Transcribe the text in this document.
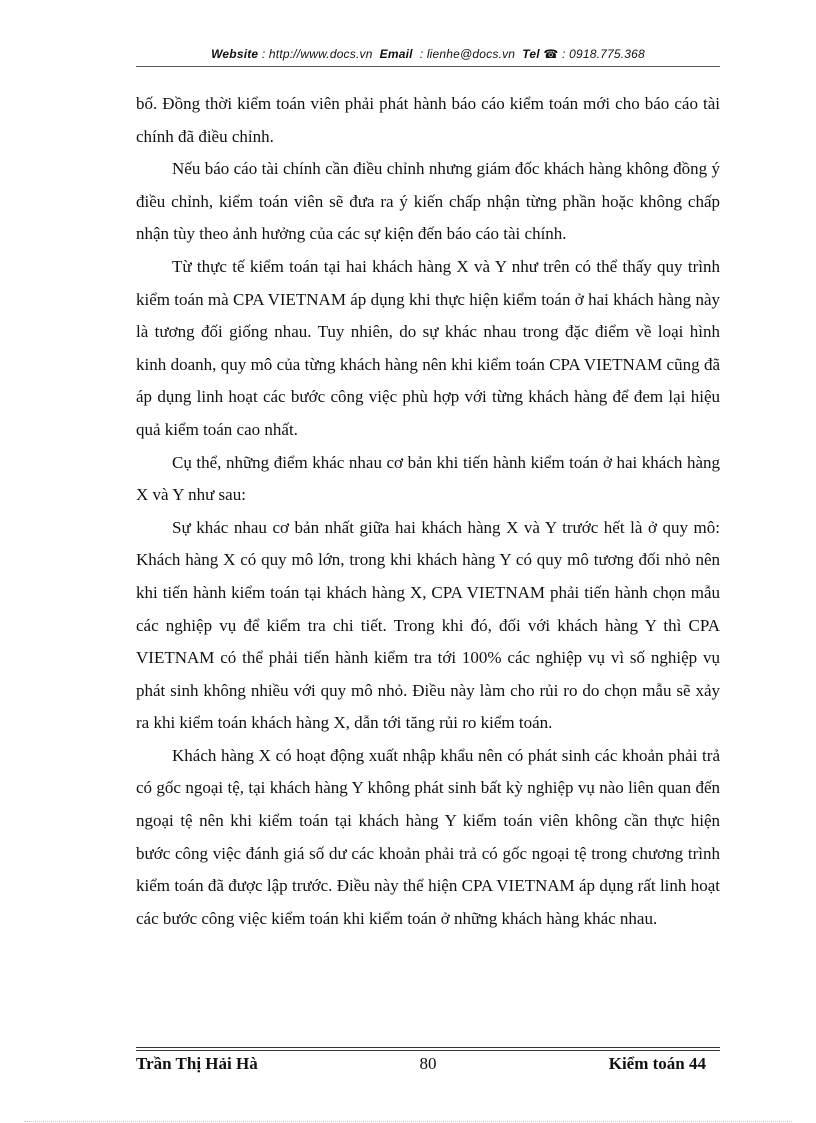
Website : http://www.docs.vn Email : lienhe@docs.vn Tel ☎ : 0918.775.368

bố. Đồng thời kiểm toán viên phải phát hành báo cáo kiểm toán mới cho báo cáo tài chính đã điều chỉnh.

Nếu báo cáo tài chính cần điều chỉnh nhưng giám đốc khách hàng không đồng ý điều chỉnh, kiểm toán viên sẽ đưa ra ý kiến chấp nhận từng phần hoặc không chấp nhận tùy theo ảnh hưởng của các sự kiện đến báo cáo tài chính.

Từ thực tế kiểm toán tại hai khách hàng X và Y như trên có thể thấy quy trình kiểm toán mà CPA VIETNAM áp dụng khi thực hiện kiểm toán ở hai khách hàng này là tương đối giống nhau. Tuy nhiên, do sự khác nhau trong đặc điểm về loại hình kinh doanh, quy mô của từng khách hàng nên khi kiểm toán CPA VIETNAM cũng đã áp dụng linh hoạt các bước công việc phù hợp với từng khách hàng để đem lại hiệu quả kiểm toán cao nhất.

Cụ thể, những điểm khác nhau cơ bản khi tiến hành kiểm toán ở hai khách hàng X và Y như sau:

Sự khác nhau cơ bản nhất giữa hai khách hàng X và Y trước hết là ở quy mô: Khách hàng X có quy mô lớn, trong khi khách hàng Y có quy mô tương đối nhỏ nên khi tiến hành kiểm toán tại khách hàng X, CPA VIETNAM phải tiến hành chọn mẫu các nghiệp vụ để kiểm tra chi tiết. Trong khi đó, đối với khách hàng Y thì CPA VIETNAM có thể phải tiến hành kiểm tra tới 100% các nghiệp vụ vì số nghiệp vụ phát sinh không nhiều với quy mô nhỏ. Điều này làm cho rủi ro do chọn mẫu sẽ xảy ra khi kiểm toán khách hàng X, dẫn tới tăng rủi ro kiểm toán.

Khách hàng X có hoạt động xuất nhập khẩu nên có phát sinh các khoản phải trả có gốc ngoại tệ, tại khách hàng Y không phát sinh bất kỳ nghiệp vụ nào liên quan đến ngoại tệ nên khi kiểm toán tại khách hàng Y kiểm toán viên không cần thực hiện bước công việc đánh giá số dư các khoản phải trả có gốc ngoại tệ trong chương trình kiểm toán đã được lập trước. Điều này thể hiện CPA VIETNAM áp dụng rất linh hoạt các bước công việc kiểm toán khi kiểm toán ở những khách hàng khác nhau.

80
Trần Thị Hải Hà	Kiểm toán 44
